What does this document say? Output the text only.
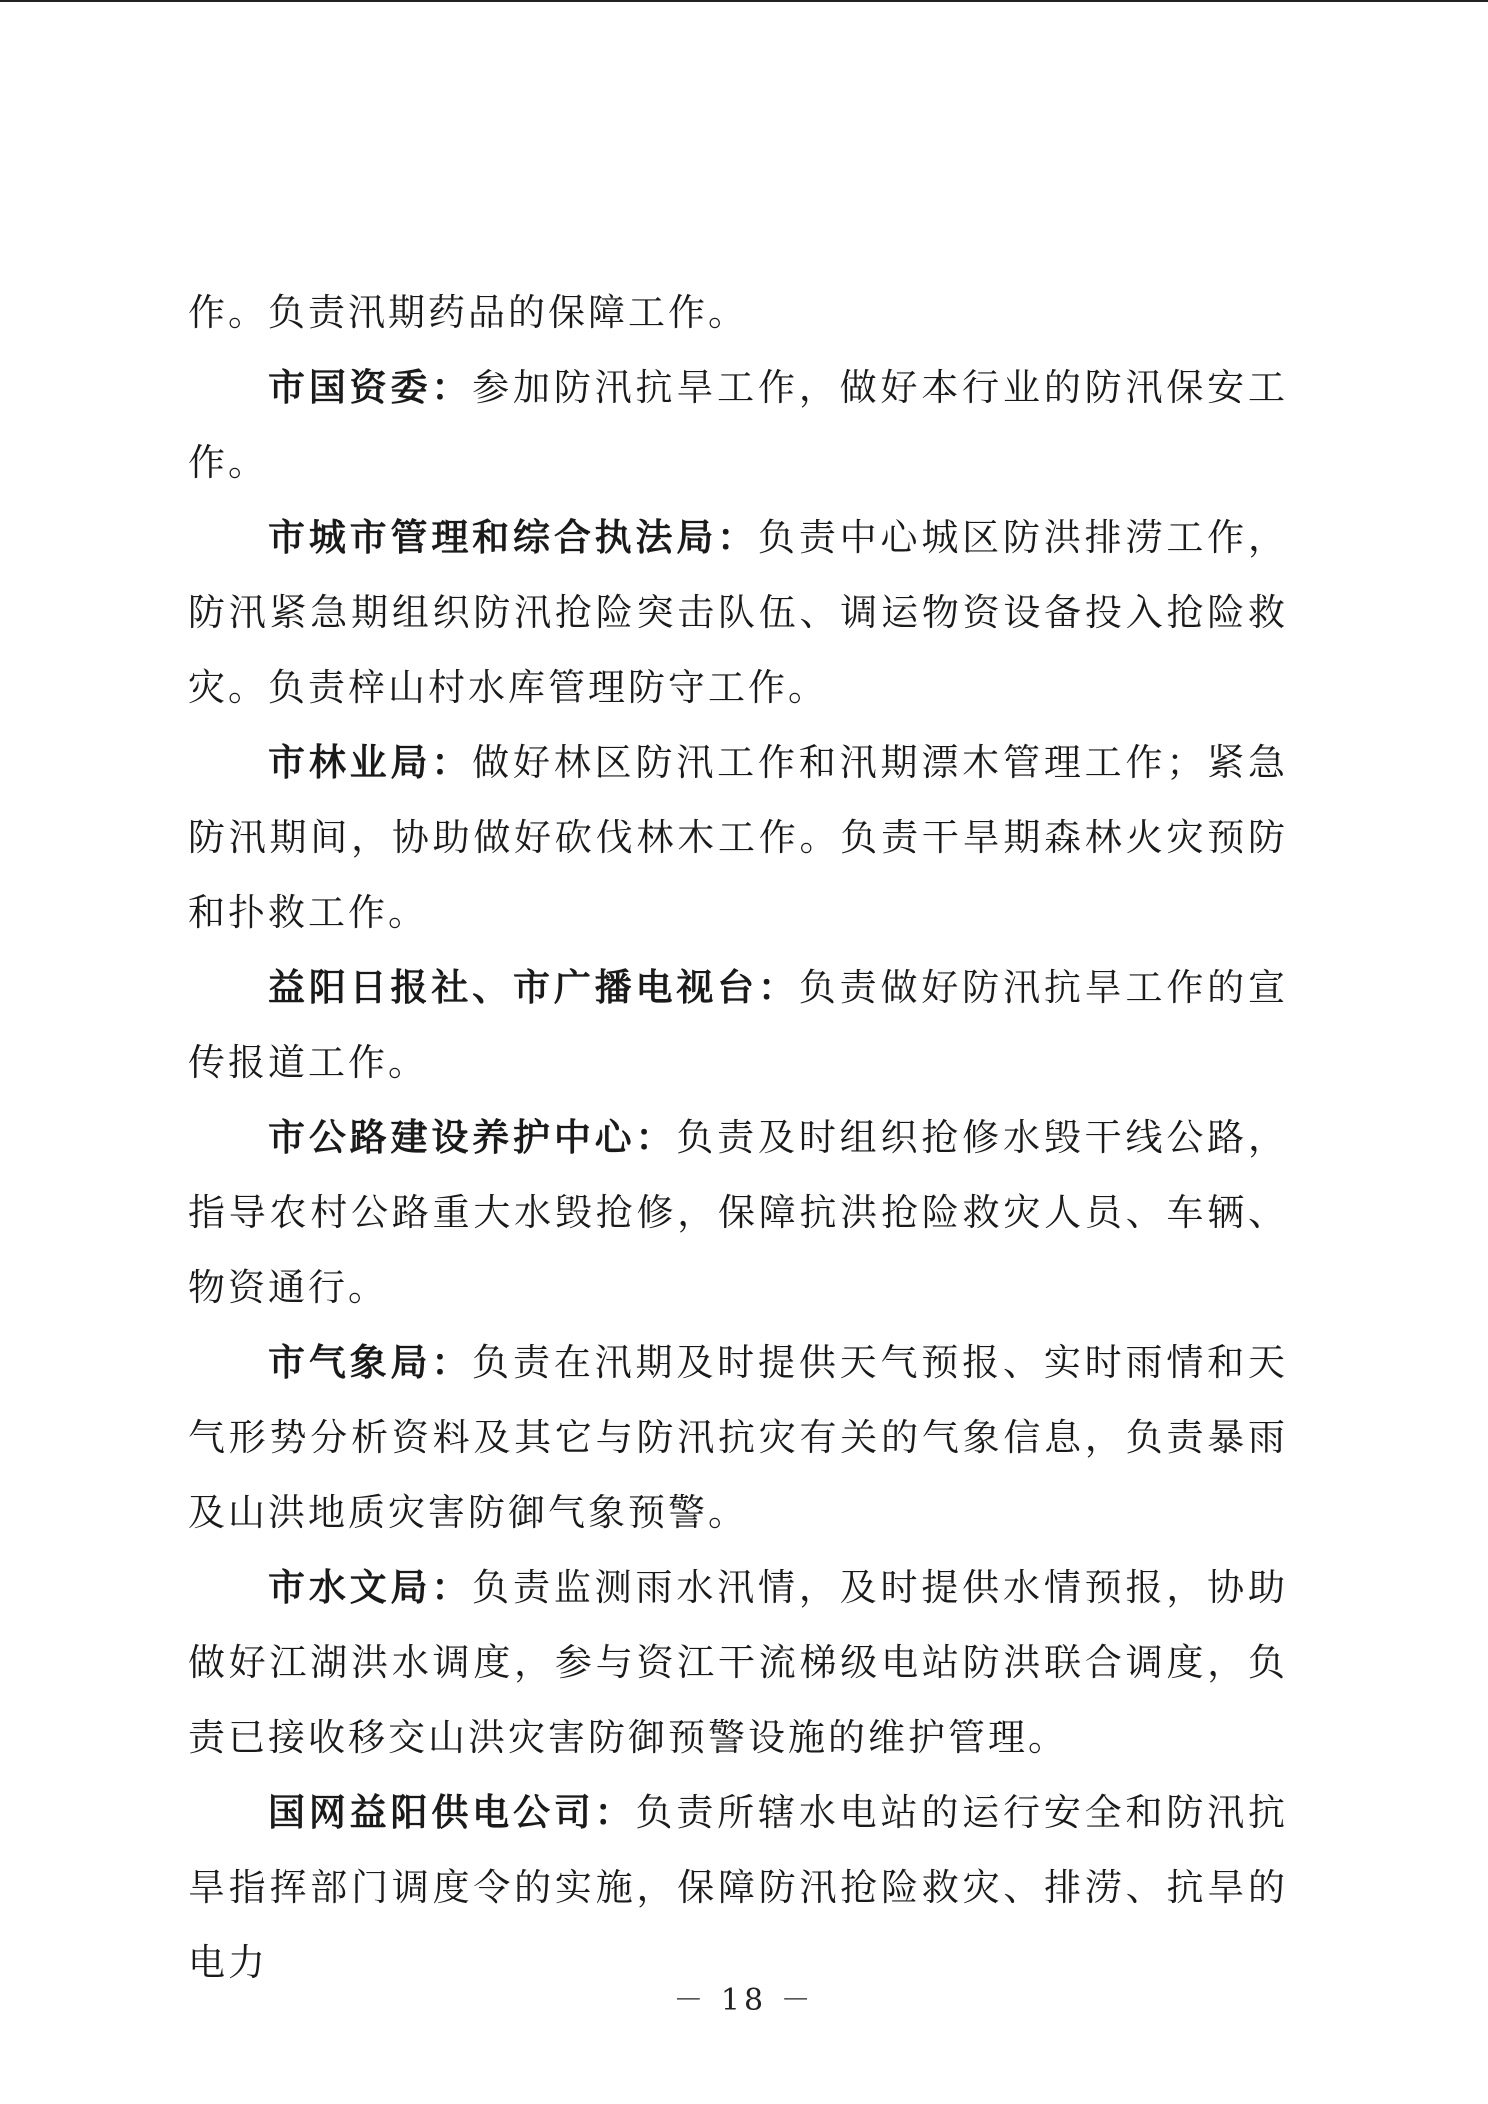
作。负责汛期药品的保障工作。

市国资委：参加防汛抗旱工作，做好本行业的防汛保安工作。

市城市管理和综合执法局：负责中心城区防洪排涝工作，防汛紧急期组织防汛抢险突击队伍、调运物资设备投入抢险救灾。负责梓山村水库管理防守工作。

市林业局：做好林区防汛工作和汛期漂木管理工作；紧急防汛期间，协助做好砍伐林木工作。负责干旱期森林火灾预防和扑救工作。

益阳日报社、市广播电视台：负责做好防汛抗旱工作的宣传报道工作。

市公路建设养护中心：负责及时组织抢修水毁干线公路，指导农村公路重大水毁抢修，保障抗洪抢险救灾人员、车辆、物资通行。

市气象局：负责在汛期及时提供天气预报、实时雨情和天气形势分析资料及其它与防汛抗灾有关的气象信息，负责暴雨及山洪地质灾害防御气象预警。

市水文局：负责监测雨水汛情，及时提供水情预报，协助做好江湖洪水调度，参与资江干流梯级电站防洪联合调度，负责已接收移交山洪灾害防御预警设施的维护管理。

国网益阳供电公司：负责所辖水电站的运行安全和防汛抗旱指挥部门调度令的实施，保障防汛抢险救灾、排涝、抗旱的电力

－ 18 －
